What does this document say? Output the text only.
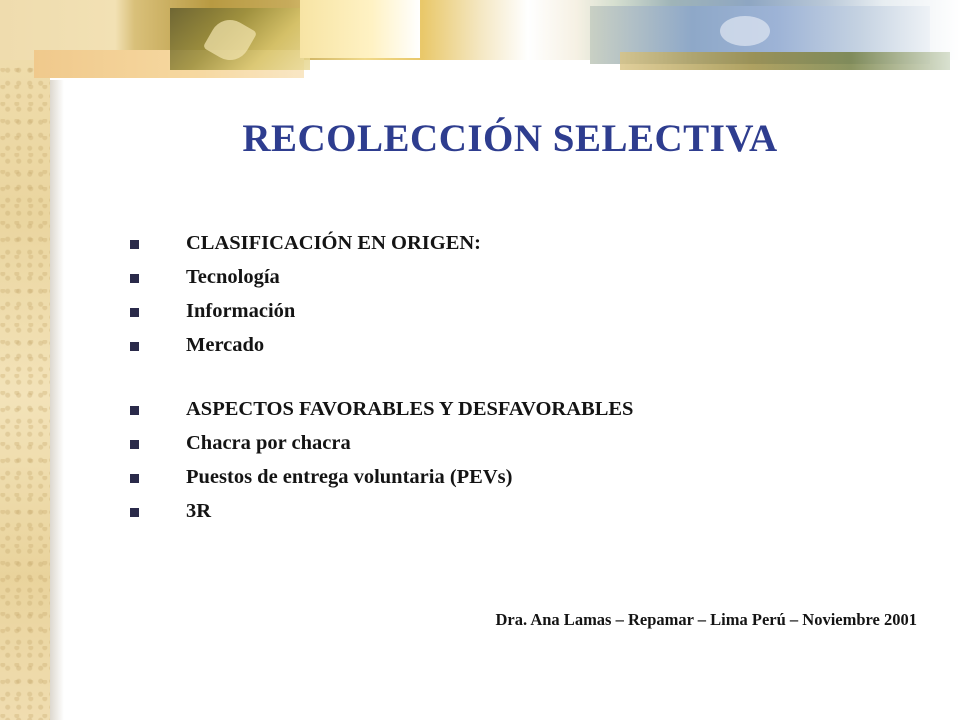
RECOLECCIÓN SELECTIVA
CLASIFICACIÓN EN ORIGEN:
Tecnología
Información
Mercado
ASPECTOS FAVORABLES Y DESFAVORABLES
Chacra por chacra
Puestos de entrega voluntaria (PEVs)
3R
Dra. Ana Lamas – Repamar – Lima Perú – Noviembre 2001
